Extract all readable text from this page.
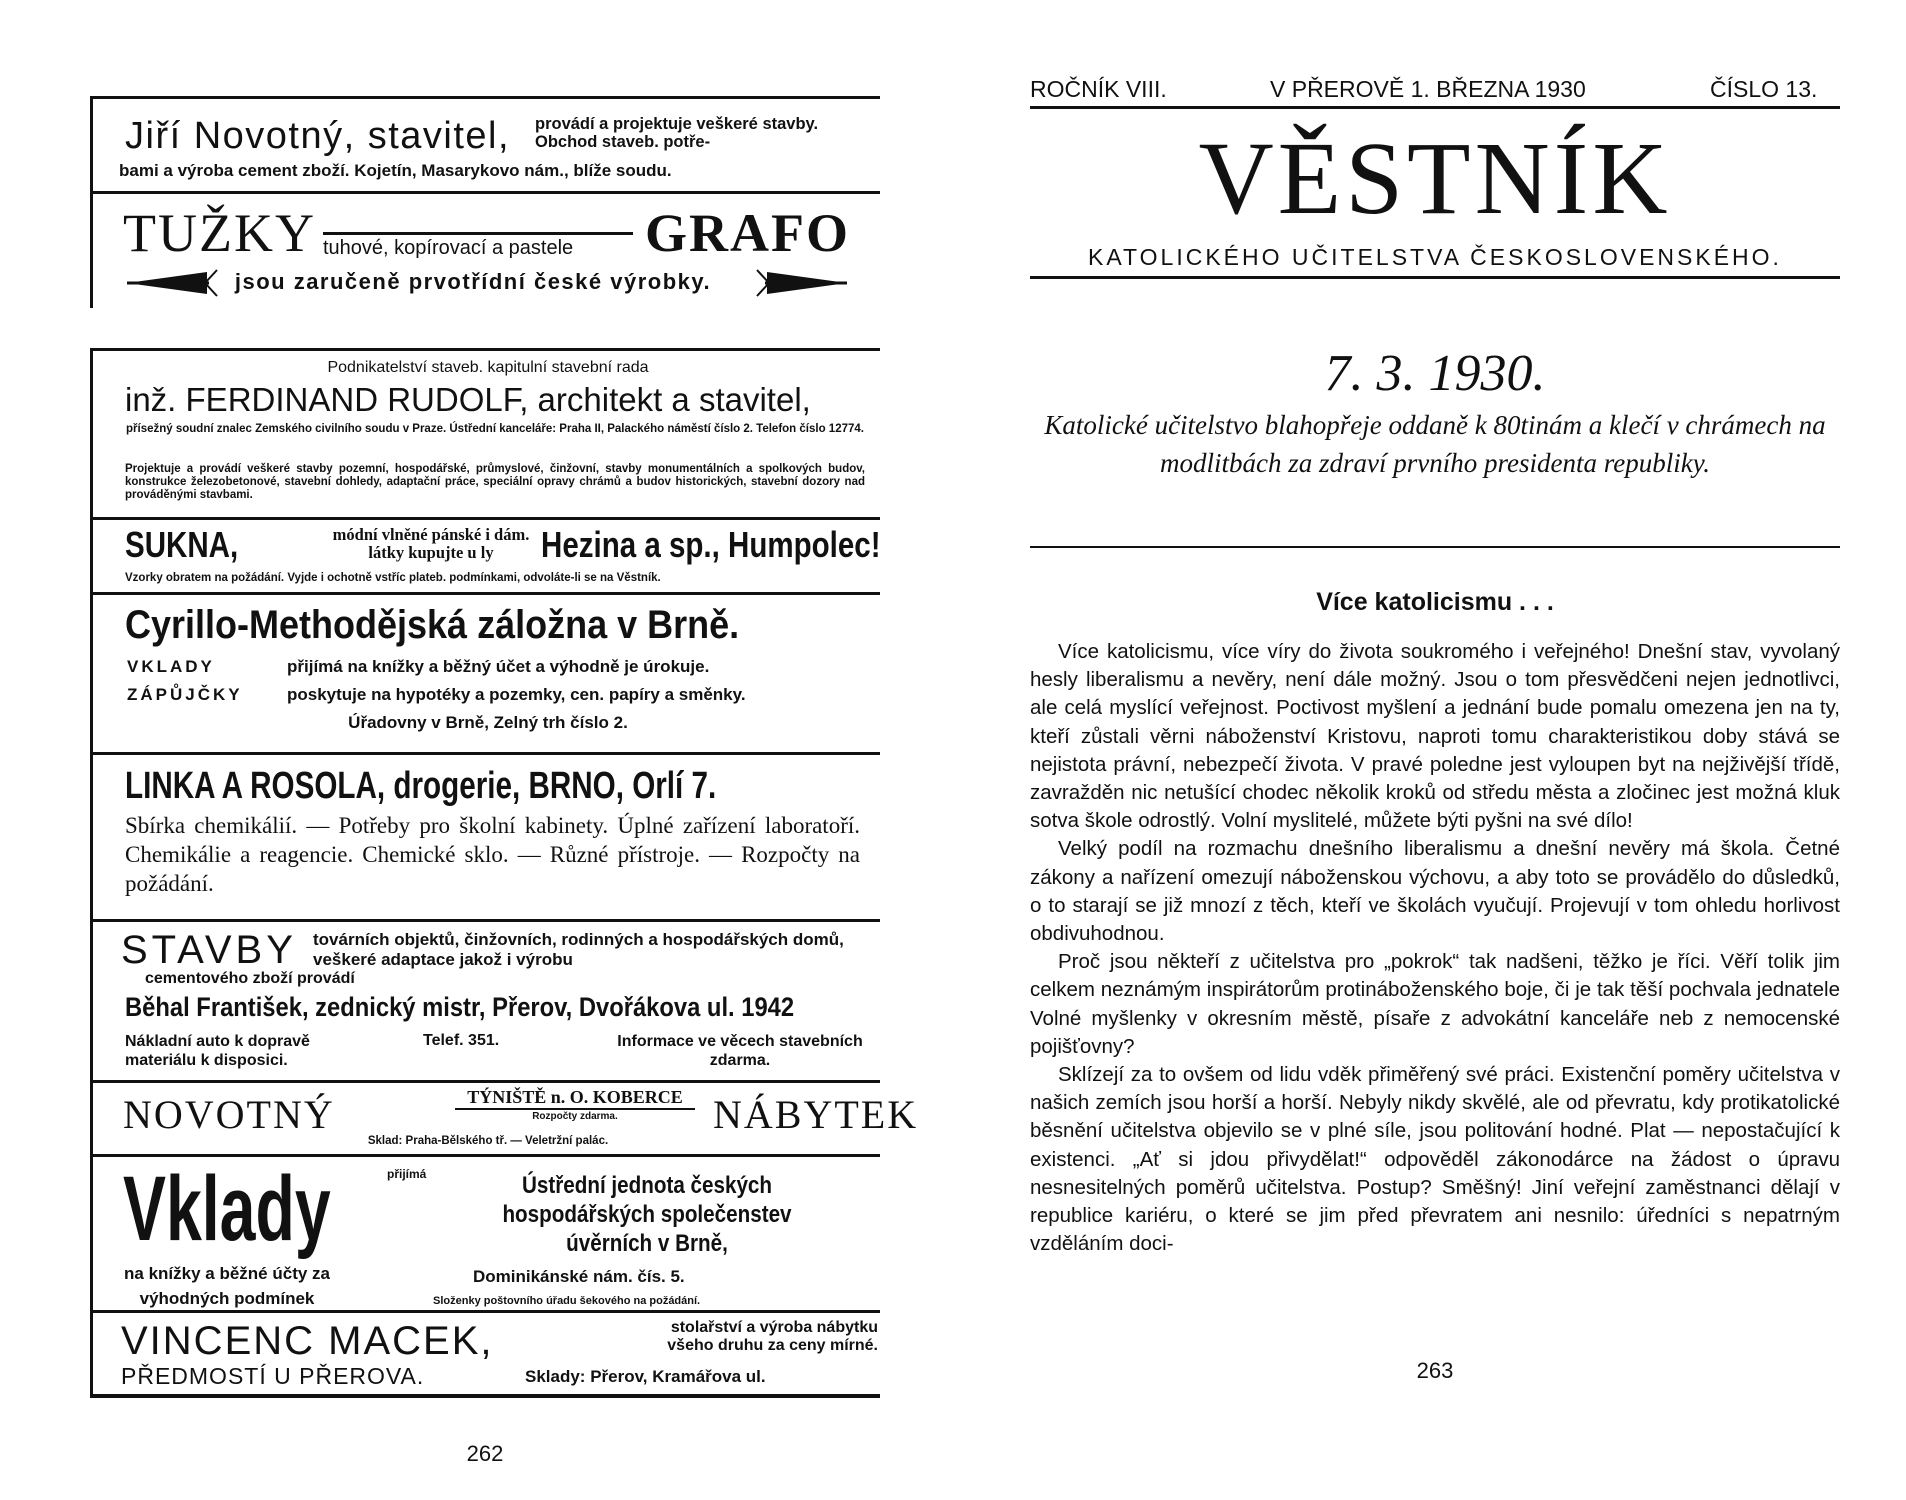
Jiří Novotný, stavitel, provádí a projektuje veškeré stavby. Obchod staveb. potře-
bami a výroba cement zboží. Kojetín, Masarykovo nám., blíže soudu.
TUŽKY tuhové, kopírovací a pastele	GRAFO
jsou zaručeně prvotřídní české výrobky.
Podnikatelství staveb. kapitulní stavební rada
inž. FERDINAND RUDOLF, architekt a stavitel,
přísežný soudní znalec Zemského civilního soudu v Praze. Ústřední kanceláře: Praha II, Palackého náměstí číslo 2. Telefon číslo 12774.
Projektuje a provádí veškeré stavby pozemní, hospodářské, průmyslové, činžovní, stavby monumentálních a spolkových budov, konstrukce železobetonové, stavební dohledy, adaptační práce, speciální opravy chrámů a budov historických, stavební dozory nad prováděnými stavbami.
SUKNA,	módní vlněné pánské i dám. látky kupujte u ly	Hezina a sp., Humpolec!
Vzorky obratem na požádání. Vyjde i ochotně vstříc plateb. podmínkami, odvoláte-li se na Věstník.
Cyrillo-Methodějská záložna v Brně.
VKLADY	přijímá na knížky a běžný účet a výhodně je úrokuje.
ZÁPŮJČKY	poskytuje na hypotéky a pozemky, cen. papíry a směnky.
Úřadovny v Brně, Zelný trh číslo 2.
LINKA A ROSOLA, drogerie, BRNO, Orlí 7.
Sbírka chemikálií. — Potřeby pro školní kabinety. Úplné zařízení laboratoří. Chemikálie a reagencie. Chemické sklo. — Různé přístroje. — Rozpočty na požádání.
STAVBY továrních objektů, činžovních, rodinných a hospodářských domů, veškeré adaptace jakož i výrobu
cementového zboží provádí
Běhal František, zednický mistr, Přerov, Dvořákova ul. 1942
Nákladní auto k dopravě materiálu k disposici.
Telef. 351.	Informace ve věcech stavebních zdarma.
NOVOTNÝ	TÝNIŠTĚ n. O. KOBERCE
Rozpočty zdarma.	NÁBYTEK
Sklad: Praha-Bělského tř. — Veletržní palác.
Vklady	přijímá	Ústřední jednota českých hospodářských společenstev úvěrních v Brně,
na knížky a běžné účty za výhodných podmínek
Dominikánské nám. čís. 5.
Složenky poštovního úřadu šekového na požádání.
VINCENC MACEK,	stolařství a výroba nábytku všeho druhu za ceny mírné.
PŘEDMOSTÍ U PŘEROVA.	Sklady: Přerov, Kramářova ul.
262
ROČNÍK VIII.	V PŘEROVĚ 1. BŘEZNA 1930	ČÍSLO 13.
VĚSTNÍK
KATOLICKÉHO UČITELSTVA ČESKOSLOVENSKÉHO.
7. 3. 1930.
Katolické učitelstvo blahopřeje oddaně k 80tinám a klečí v chrámech na modlitbách za zdraví prvního presidenta republiky.
Více katolicismu . . .

Více katolicismu, více víry do života soukromého i veřejného! Dnešní stav, vyvolaný hesly liberalismu a nevěry, není dále možný. Jsou o tom přesvědčeni nejen jednotlivci, ale celá myslící veřejnost. Poctivost myšlení a jednání bude pomalu omezena jen na ty, kteří zůstali věrni náboženství Kristovu, naproti tomu charakteristikou doby stává se nejistota právní, nebezpečí života. V pravé poledne jest vyloupen byt na nejživější třídě, zavražděn nic netušící chodec několik kroků od středu města a zločinec jest možná kluk sotva škole odrostlý. Volní myslitelé, můžete býti pyšni na své dílo!

Velký podíl na rozmachu dnešního liberalismu a dnešní nevěry má škola. Četné zákony a nařízení omezují náboženskou výchovu, a aby toto se provádělo do důsledků, o to starají se již mnozí z těch, kteří ve školách vyučují. Projevují v tom ohledu horlivost obdivuhodnou.

Proč jsou někteří z učitelstva pro „pokrok“ tak nadšeni, těžko je říci. Věří tolik jim celkem neznámým inspirátorům protináboženského boje, či je tak těší pochvala jednatele Volné myšlenky v okresním městě, písaře z advokátní kanceláře neb z nemocenské pojišťovny?

Sklízejí za to ovšem od lidu vděk přiměřený své práci. Existenční poměry učitelstva v našich zemích jsou horší a horší. Nebyly nikdy skvělé, ale od převratu, kdy protikatolické běsnění učitelstva objevilo se v plné síle, jsou politování hodné. Plat — nepostačující k existenci. „Ať si jdou přivydělat!“ odpověděl zákonodárce na žádost o úpravu nesnesitelných poměrů učitelstva. Postup? Směšný! Jiní veřejní zaměstnanci dělají v republice kariéru, o které se jim před převratem ani nesnilo: úředníci s nepatrným vzděláním doci-

263
